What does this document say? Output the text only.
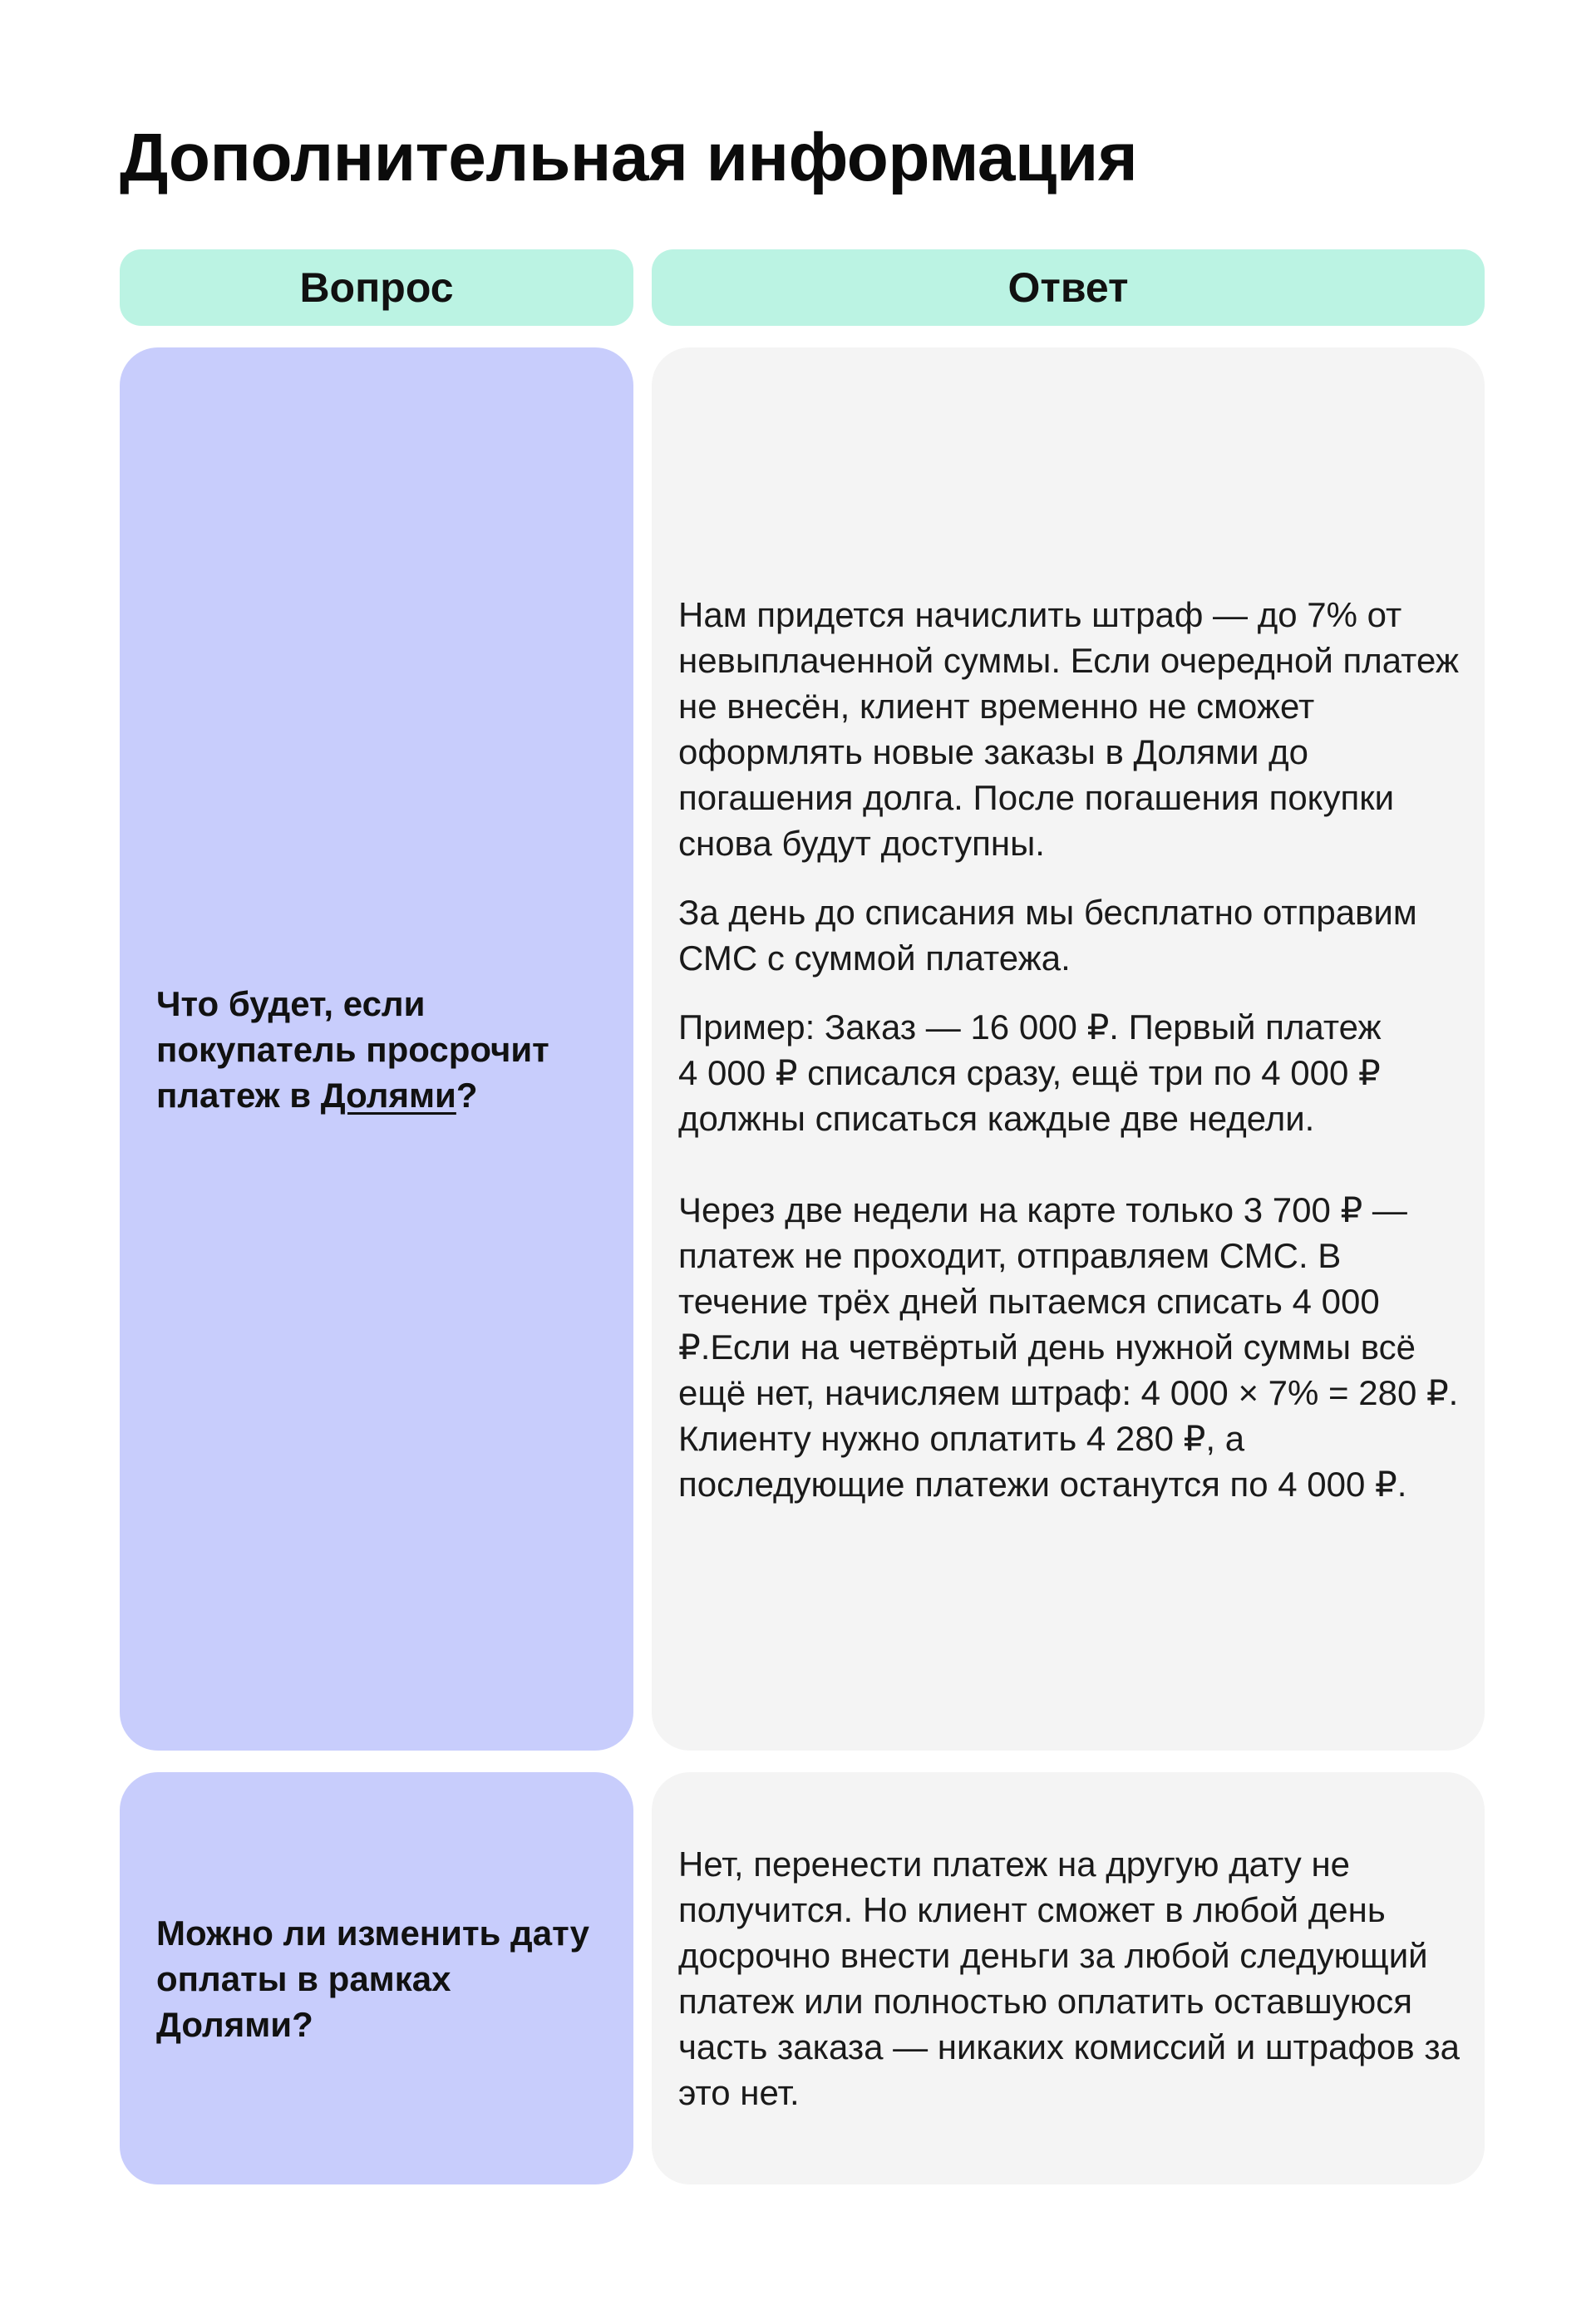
Дополнительная информация
Вопрос	Ответ

Что будет, если
покупатель просрочит
платеж в Долями?

Нам придется начислить штраф — до 7% от
невыплаченной суммы. Если очередной платеж
не внесён, клиент временно не сможет
оформлять новые заказы в Долями до
погашения долга. После погашения покупки
снова будут доступны.

За день до списания мы бесплатно отправим
СМС с суммой платежа.

Пример: Заказ — 16 000 ₽. Первый платеж
4 000 ₽ списался сразу, ещё три по 4 000 ₽
должны списаться каждые две недели.

Через две недели на карте только 3 700 ₽ —
платеж не проходит, отправляем СМС. В
течение трёх дней пытаемся списать 4 000
₽.Если на четвёртый день нужной суммы всё
ещё нет, начисляем штраф: 4 000 × 7% = 280 ₽.
Клиенту нужно оплатить 4 280 ₽, а
последующие платежи останутся по 4 000 ₽.

Можно ли изменить дату
оплаты в рамках Долями?

Нет, перенести платеж на другую дату не
получится. Но клиент сможет в любой день
досрочно внести деньги за любой следующий
платеж или полностью оплатить оставшуюся
часть заказа — никаких комиссий и штрафов за
это нет.
